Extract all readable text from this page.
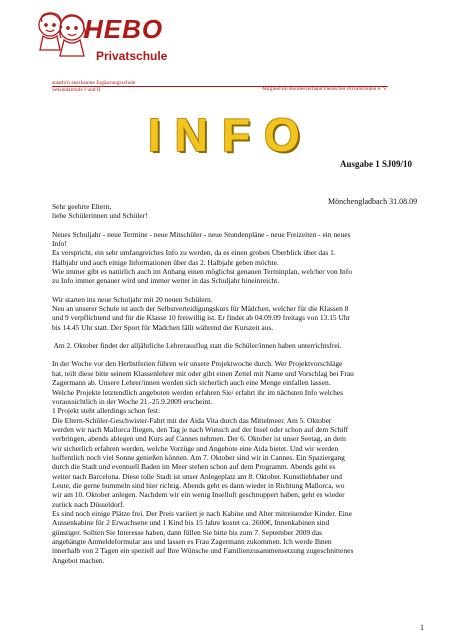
HEBO
Privatschule
staatlich anerkannte Ergänzungsschule
Sekundarstufe I und II	Mitglied im Bundesverband Deutscher Privatschulen e. V.
INFO
Ausgabe 1 SJ09/10
Mönchengladbach 31.08.09

Sehr geehrte Eltern,
liebe Schülerinnen und Schüler!

Neues Schuljahr - neue Termine - neue Mitschüler - neue Stundenpläne - neue Freizeiten - ein neues
Info!
Es verspricht, ein sehr umfangreiches Info zu werden, da es einen groben Überblick über das 1.
Halbjahr und auch einige Informationen über das 2. Halbjahr geben möchte.
Wie immer gibt es natürlich auch im Anhang einen möglichst genauen Terminplan, welcher von Info
zu Info immer genauer wird und immer weiter in das Schuljahr hineinreicht.

Wir starten ins neue Schuljahr mit 20 neuen Schülern.
Neu an unserer Schule ist auch der Selbstverteidigungskurs für Mädchen, welcher für die Klassen 8
und 9 verpflichtend und für die Klasse 10 freiwillig ist. Er findet ab 04.09.09 freitags von 13.15 Uhr
bis 14.45 Uhr statt. Der Sport für Mädchen fällt während der Kurszeit aus.

Am 2. Oktober findet der alljährliche Lehrerausflug statt die Schüler/innen haben unterrichtsfrei.

In der Woche vor den Herbstferien führen wir unsere Projektwoche durch. Wer Projektvorschläge
hat, teilt diese bitte seinem Klassenlehrer mit oder gibt einen Zettel mit Name und Vorschlag bei Frau
Zagermann ab. Unsere Lehrer/innen werden sich sicherlich auch eine Menge einfallen lassen.
Welche Projekte letztendlich angeboten werden erfahren Sie/ erfahrt ihr im nächsten Info welches
voraussichtlich in der Woche 21.-25.9.2009 erscheint.
1 Projekt steht allerdings schon fest:
Die Eltern-Schüler-Geschwister-Fahrt mit der Aida Vita durch das Mittelmeer. Am 5. Oktober
werden wir nach Mallorca fliegen, den Tag je nach Wunsch auf der Insel oder schon auf dem Schiff
verbringen, abends ablegen und Kurs auf Cannes nehmen. Der 6. Oktober ist unser Seetag, an dem
wir sicherlich erfahren werden, welche Vorzüge und Angebote eine Aida bietet. Und wir werden
hoffentlich noch viel Sonne genießen können. Am 7. Oktober sind wir in Cannes. Ein Spaziergang
durch die Stadt und eventuell Baden im Meer stehen schon auf dem Programm. Abends geht es
weiter nach Barcelona. Diese tolle Stadt ist unser Anlegeplatz am 8. Oktober. Kunstliebhaber und
Leute, die gerne bummeln sind hier richtig. Abends geht es dann wieder in Richtung Mallorca, wo
wir am 10. Oktober anlegen. Nachdem wir ein wenig Inselluft geschnuppert haben, geht es wieder
zurück nach Düsseldorf.
Es sind noch einige Plätze frei. Der Preis variiert je nach Kabine und Alter mitreisender Kinder. Eine
Aussenkabine für 2 Erwachsene und 1 Kind bis 15 Jahre kostet ca. 2600€, Innenkabinen sind
günstiger. Sollten Sie Interesse haben, dann füllen Sie bitte bis zum 7. September 2009 das
angehängte Anmeldeformular aus und lassen es Frau Zagermann zukommen. Ich werde Ihnen
innerhalb von 2 Tagen ein speziell auf Ihre Wünsche und Familienzusammensetzung zugeschnittenes
Angebot machen.

1
